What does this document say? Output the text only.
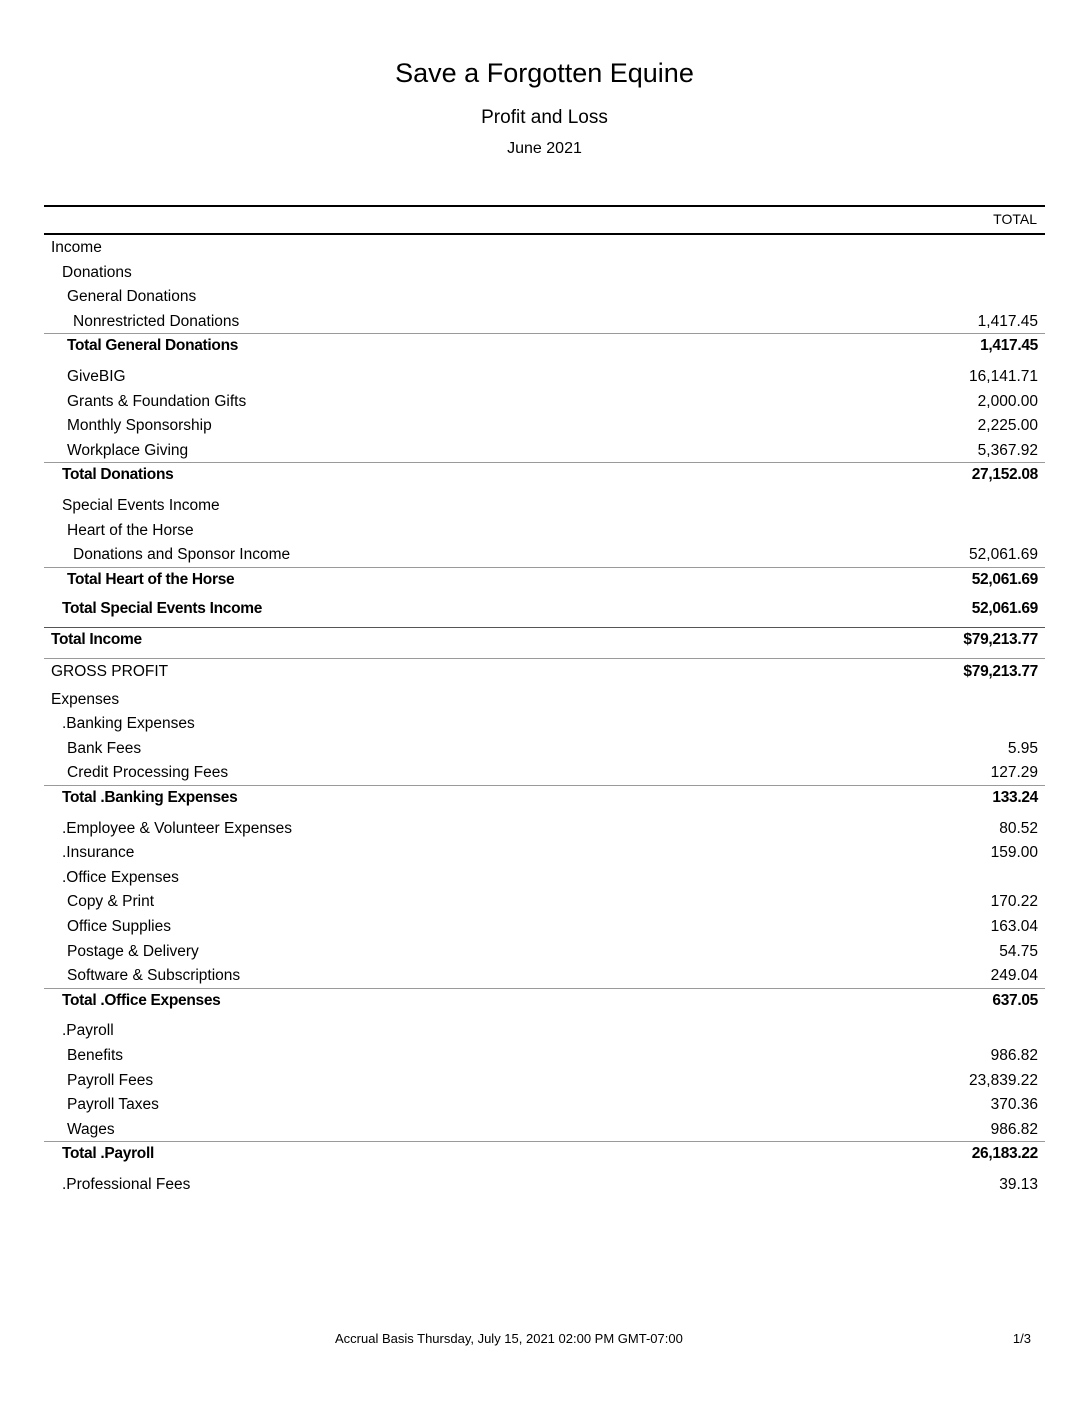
Save a Forgotten Equine
Profit and Loss
June 2021
TOTAL
Income
Donations
General Donations
Nonrestricted Donations	1,417.45
Total General Donations	1,417.45
GiveBIG	16,141.71
Grants & Foundation Gifts	2,000.00
Monthly Sponsorship	2,225.00
Workplace Giving	5,367.92
Total Donations	27,152.08
Special Events Income
Heart of the Horse
Donations and Sponsor Income	52,061.69
Total Heart of the Horse	52,061.69
Total Special Events Income	52,061.69
Total Income	$79,213.77
GROSS PROFIT	$79,213.77
Expenses
.Banking Expenses
Bank Fees	5.95
Credit Processing Fees	127.29
Total .Banking Expenses	133.24
.Employee & Volunteer Expenses	80.52
.Insurance	159.00
.Office Expenses
Copy & Print	170.22
Office Supplies	163.04
Postage & Delivery	54.75
Software & Subscriptions	249.04
Total .Office Expenses	637.05
.Payroll
Benefits	986.82
Payroll Fees	23,839.22
Payroll Taxes	370.36
Wages	986.82
Total .Payroll	26,183.22
.Professional Fees	39.13
Accrual Basis Thursday, July 15, 2021 02:00 PM GMT-07:00	1/3
